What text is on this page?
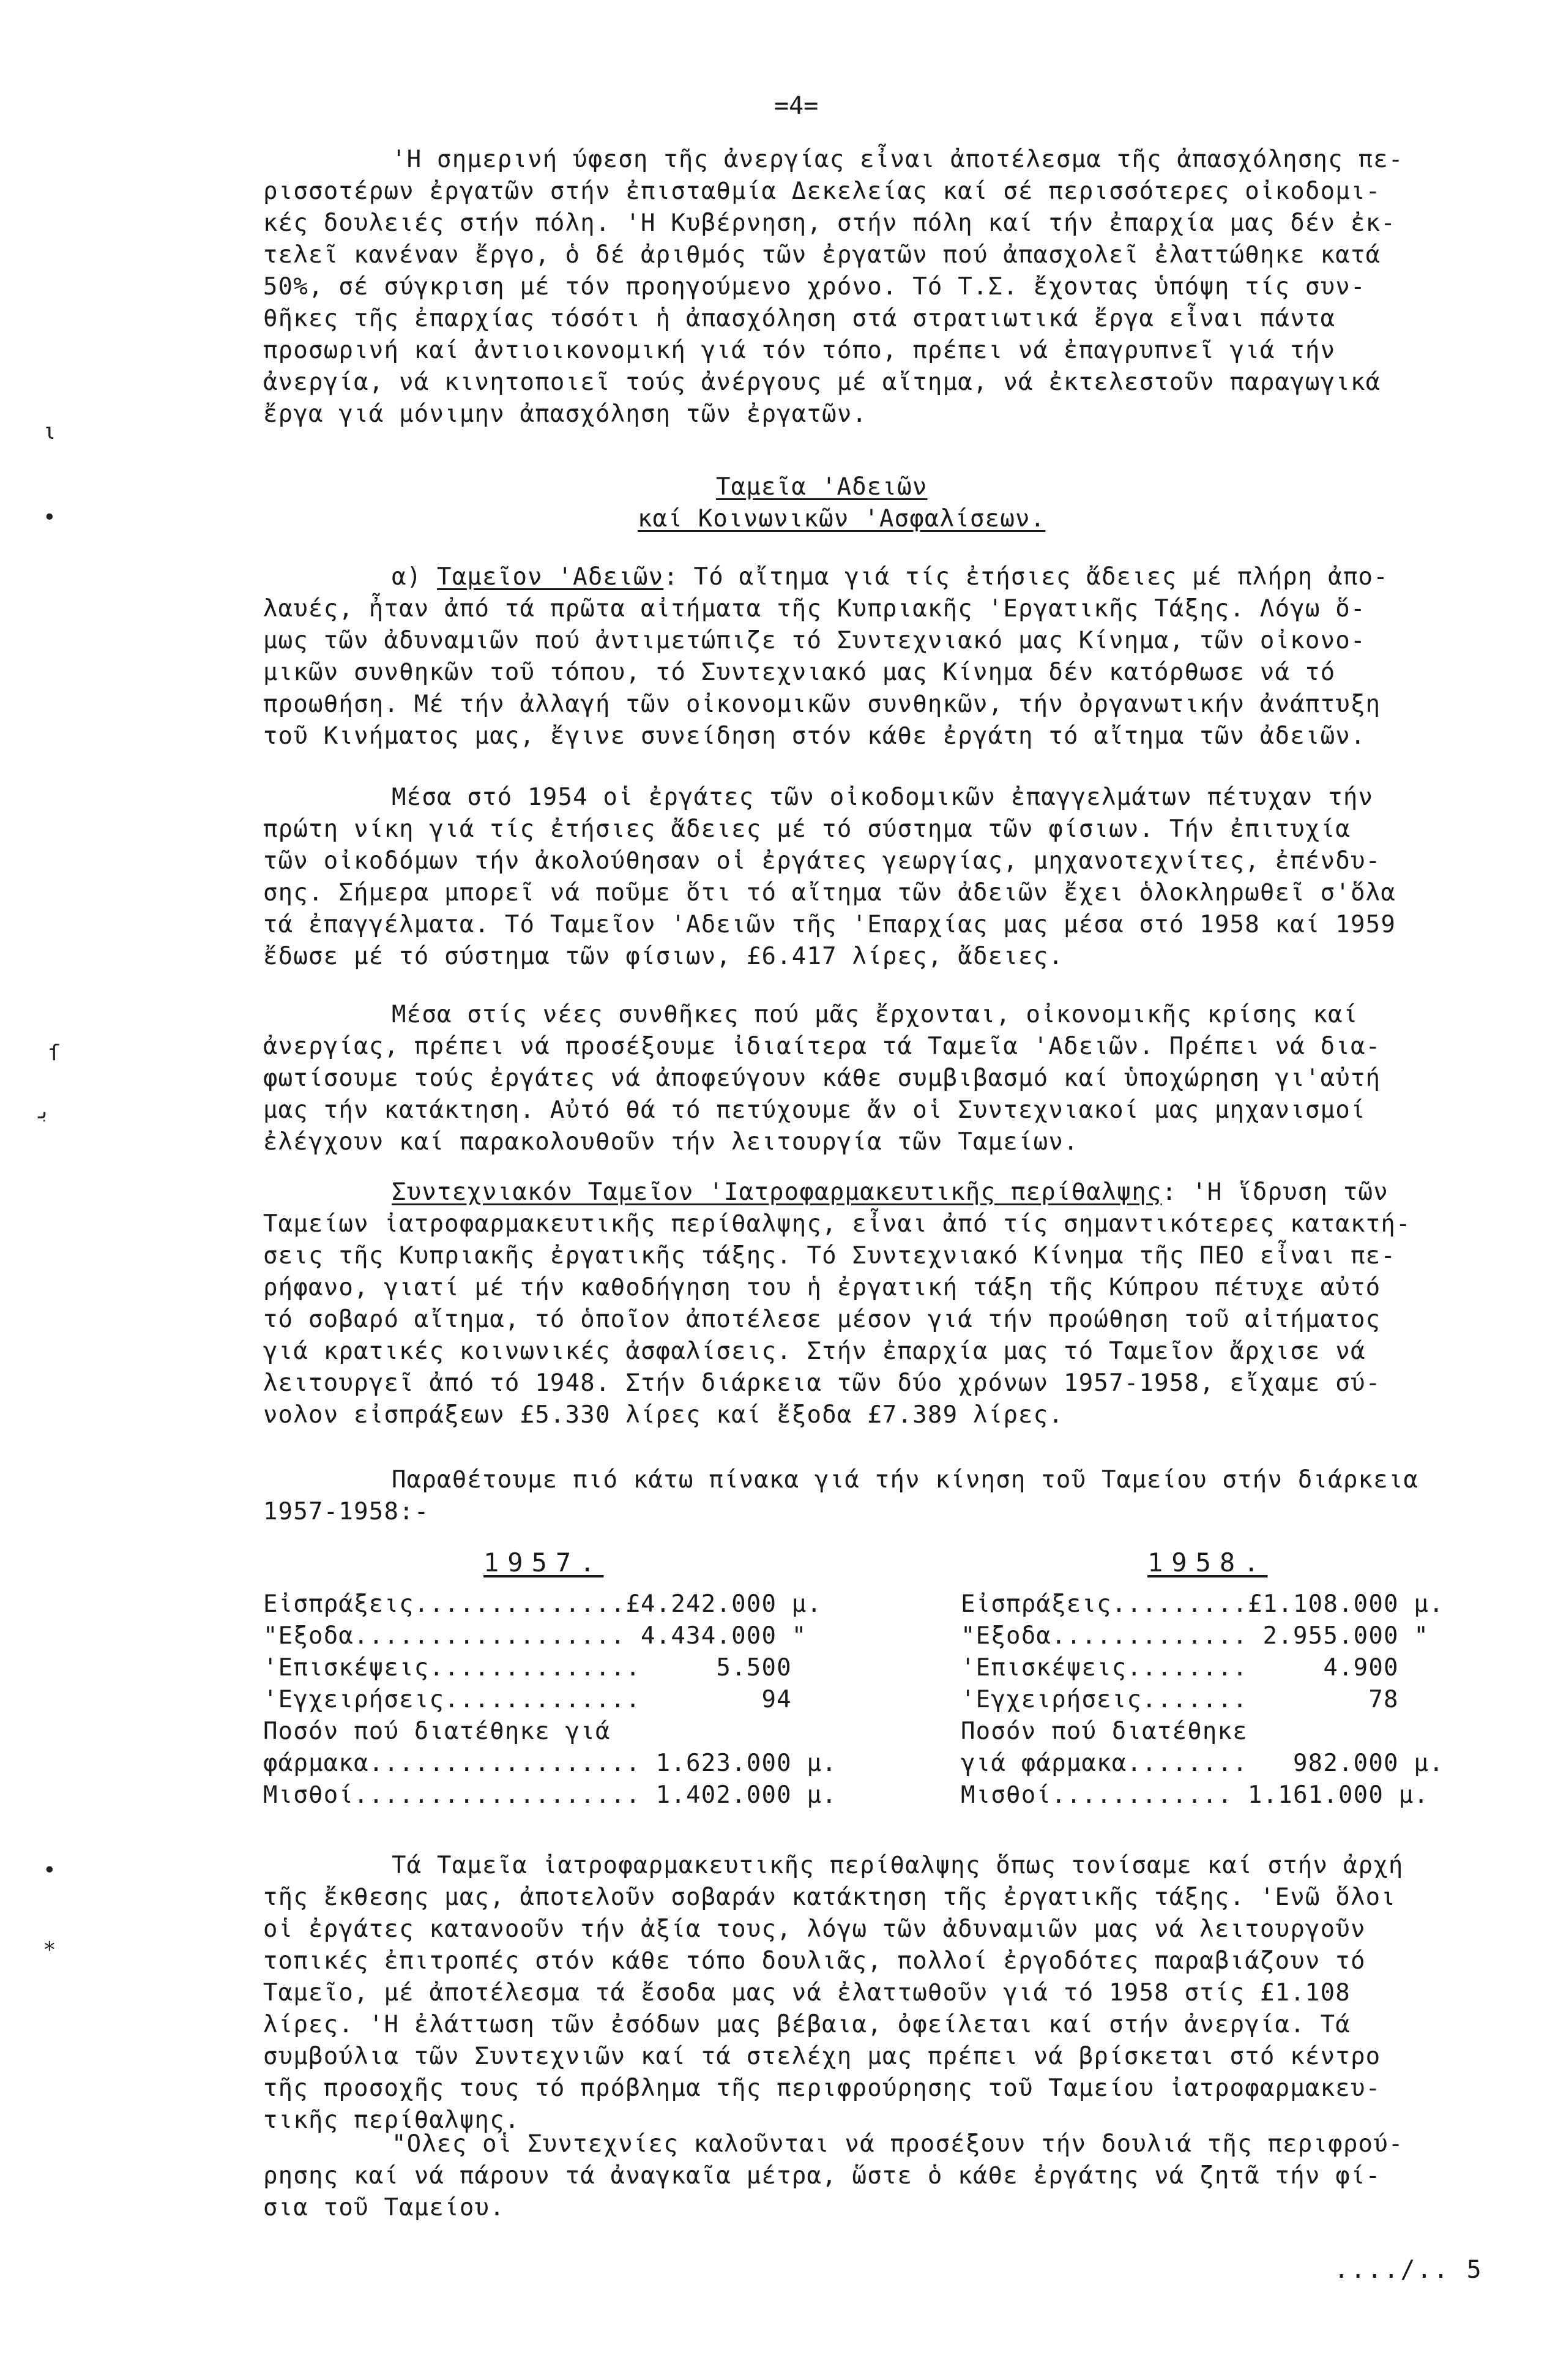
=4=
'Η σημερινή ύφεση τῆς ἀνεργίας εἶναι ἀποτέλεσμα τῆς ἀπασχόλησης πε-
ρισσοτέρων ἐργατῶν στήν ἐπισταθμία Δεκελείας καί σέ περισσότερες οἰκοδομι-
κές δουλειές στήν πόλη. 'Η Κυβέρνηση, στήν πόλη καί τήν ἐπαρχία μας δέν ἐκ-
τελεῖ κανέναν ἔργο, ὁ δέ ἀριθμός τῶν ἐργατῶν πού ἀπασχολεῖ ἐλαττώθηκε κατά
50%, σέ σύγκριση μέ τόν προηγούμενο χρόνο. Τό Τ.Σ. ἔχοντας ὑπόψη τίς συν-
θῆκες τῆς ἐπαρχίας τόσότι ἡ ἀπασχόληση στά στρατιωτικά ἔργα εἶναι πάντα
προσωρινή καί ἀντιοικονομική γιά τόν τόπο, πρέπει νά ἐπαγρυπνεῖ γιά τήν
ἀνεργία, νά κινητοποιεῖ τούς ἀνέργους μέ αἴτημα, νά ἐκτελεστοῦν παραγωγικά
ἔργα γιά μόνιμην ἀπασχόληση τῶν ἐργατῶν.
Ταμεῖα 'Αδειῶν
καί Κοινωνικῶν 'Ασφαλίσεων.
α) Ταμεῖον 'Αδειῶν: Τό αἴτημα γιά τίς ἐτήσιες ἄδειες μέ πλήρη ἀπο-
λαυές, ἦταν ἀπό τά πρῶτα αἰτήματα τῆς Κυπριακῆς 'Εργατικῆς Τάξης. Λόγω ὅ-
μως τῶν ἀδυναμιῶν πού ἀντιμετώπιζε τό Συντεχνιακό μας Κίνημα, τῶν οἰκονο-
μικῶν συνθηκῶν τοῦ τόπου, τό Συντεχνιακό μας Κίνημα δέν κατόρθωσε νά τό
προωθήση. Μέ τήν ἀλλαγή τῶν οἰκονομικῶν συνθηκῶν, τήν ὀργανωτικήν ἀνάπτυξη
τοῦ Κινήματος μας, ἔγινε συνείδηση στόν κάθε ἐργάτη τό αἴτημα τῶν ἀδειῶν.
Μέσα στό 1954 οἱ ἐργάτες τῶν οἰκοδομικῶν ἐπαγγελμάτων πέτυχαν τήν
πρώτη νίκη γιά τίς ἐτήσιες ἄδειες μέ τό σύστημα τῶν φίσιων. Τήν ἐπιτυχία
τῶν οἰκοδόμων τήν ἀκολούθησαν οἱ ἐργάτες γεωργίας, μηχανοτεχνίτες, ἐπένδυ-
σης. Σήμερα μπορεῖ νά ποῦμε ὅτι τό αἴτημα τῶν ἀδειῶν ἔχει ὁλοκληρωθεῖ σ'ὅλα
τά ἐπαγγέλματα. Τό Ταμεῖον 'Αδειῶν τῆς 'Επαρχίας μας μέσα στό 1958 καί 1959
ἔδωσε μέ τό σύστημα τῶν φίσιων, £6.417 λίρες, ἄδειες.
Μέσα στίς νέες συνθῆκες πού μᾶς ἔρχονται, οἰκονομικῆς κρίσης καί
ἀνεργίας, πρέπει νά προσέξουμε ἰδιαίτερα τά Ταμεῖα 'Αδειῶν. Πρέπει νά δια-
φωτίσουμε τούς ἐργάτες νά ἀποφεύγουν κάθε συμβιβασμό καί ὑποχώρηση γι'αὐτή
μας τήν κατάκτηση. Αὐτό θά τό πετύχουμε ἄν οἱ Συντεχνιακοί μας μηχανισμοί
ἐλέγχουν καί παρακολουθοῦν τήν λειτουργία τῶν Ταμείων.
Συντεχνιακόν Ταμεῖον 'Ιατροφαρμακευτικῆς περίθαλψης: 'Η ἵδρυση τῶν
Ταμείων ἰατροφαρμακευτικῆς περίθαλψης, εἶναι ἀπό τίς σημαντικότερες κατακτή-
σεις τῆς Κυπριακῆς ἐργατικῆς τάξης. Τό Συντεχνιακό Κίνημα τῆς ΠΕΟ εἶναι πε-
ρήφανο, γιατί μέ τήν καθοδήγηση του ἡ ἐργατική τάξη τῆς Κύπρου πέτυχε αὐτό
τό σοβαρό αἴτημα, τό ὁποῖον ἀποτέλεσε μέσον γιά τήν προώθηση τοῦ αἰτήματος
γιά κρατικές κοινωνικές ἀσφαλίσεις. Στήν ἐπαρχία μας τό Ταμεῖον ἄρχισε νά
λειτουργεῖ ἀπό τό 1948. Στήν διάρκεια τῶν δύο χρόνων 1957-1958, εἴχαμε σύ-
νολον εἰσπράξεων £5.330 λίρες καί ἔξοδα £7.389 λίρες.
Παραθέτουμε πιό κάτω πίνακα γιά τήν κίνηση τοῦ Ταμείου στήν διάρκεια
1957-1958:-
1957.	1958.
Εἰσπράξεις..............£4.242.000 μ.
"Εξοδα.................. 4.434.000 "
'Επισκέψεις..............     5.500
'Εγχειρήσεις.............        94
Ποσόν πού διατέθηκε γιά
φάρμακα.................. 1.623.000 μ.
Μισθοί................... 1.402.000 μ.
Εἰσπράξεις.........£1.108.000 μ.
"Εξοδα............. 2.955.000 "
'Επισκέψεις........     4.900
'Εγχειρήσεις.......        78
Ποσόν πού διατέθηκε
γιά φάρμακα........   982.000 μ.
Μισθοί............ 1.161.000 μ.
Τά Ταμεῖα ἰατροφαρμακευτικῆς περίθαλψης ὅπως τονίσαμε καί στήν ἀρχή
τῆς ἔκθεσης μας, ἀποτελοῦν σοβαράν κατάκτηση τῆς ἐργατικῆς τάξης. 'Ενῶ ὅλοι
οἱ ἐργάτες κατανοοῦν τήν ἀξία τους, λόγω τῶν ἀδυναμιῶν μας νά λειτουργοῦν
τοπικές ἐπιτροπές στόν κάθε τόπο δουλιᾶς, πολλοί ἐργοδότες παραβιάζουν τό
Ταμεῖο, μέ ἀποτέλεσμα τά ἔσοδα μας νά ἐλαττωθοῦν γιά τό 1958 στίς £1.108
λίρες. 'Η ἐλάττωση τῶν ἐσόδων μας βέβαια, ὀφείλεται καί στήν ἀνεργία. Τά
συμβούλια τῶν Συντεχνιῶν καί τά στελέχη μας πρέπει νά βρίσκεται στό κέντρο
τῆς προσοχῆς τους τό πρόβλημα τῆς περιφρούρησης τοῦ Ταμείου ἰατροφαρμακευ-
τικῆς περίθαλψης.
"Ολες οἱ Συντεχνίες καλοῦνται νά προσέξουν τήν δουλιά τῆς περιφρού-
ρησης καί νά πάρουν τά ἀναγκαῖα μέτρα, ὥστε ὁ κάθε ἐργάτης νά ζητᾶ τήν φί-
σια τοῦ Ταμείου.
..../.. 5
ι
•
ſ
ﺑ
•
*
